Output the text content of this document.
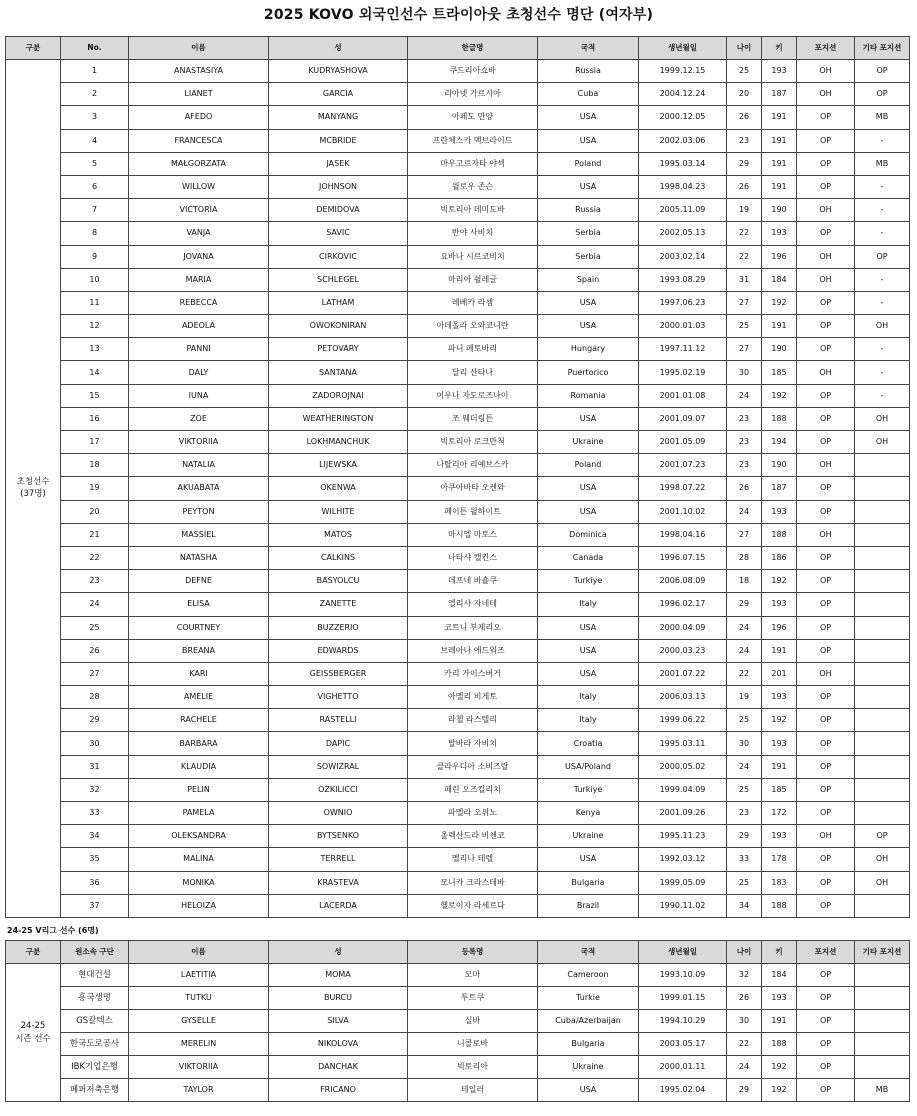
2025 KOVO 외국인선수 트라이아웃 초청선수 명단 (여자부)
구분	No.	이름	성	한글명	국적	생년월일	나이	키	포지션	기타 포지션
초청선수
(37명)	1	ANASTASIYA	KUDRYASHOVA	쿠드리아쇼바	Russia	1999.12.15	25	193	OH	OP
	2	LIANET	GARCIA	리아넷 가르시아	Cuba	2004.12.24	20	187	OH	OP
	3	AFEDO	MANYANG	아페도 만양	USA	2000.12.05	26	191	OP	MB
	4	FRANCESCA	MCBRIDE	프란체스카 맥브라이드	USA	2002.03.06	23	191	OP	-
	5	MAŁGORZATA	JASEK	마우고르자타 야섹	Poland	1995.03.14	29	191	OP	MB
	6	WILLOW	JOHNSON	윌로우 존슨	USA	1998.04.23	26	191	OP	-
	7	VICTORIA	DEMIDOVA	빅토리아 데미도바	Russia	2005.11.09	19	190	OH	-
	8	VANJA	SAVIC	반야 사비치	Serbia	2002.05.13	22	193	OP	-
	9	JOVANA	CIRKOVIC	요바나 시르코비치	Serbia	2003.02.14	22	196	OH	OP
	10	MARIA	SCHLEGEL	마리아 쉴레글	Spain	1993.08.29	31	184	OH	-
	11	REBECCA	LATHAM	레베카 라셈	USA	1997.06.23	27	192	OP	-
	12	ADEOLA	OWOKONIRAN	아데올라 오와코니란	USA	2000.01.03	25	191	OP	OH
	13	PANNI	PETOVARY	파니 페토바리	Hungary	1997.11.12	27	190	OP	-
	14	DALY	SANTANA	달리 산타나	Puertorico	1995.02.19	30	185	OH	-
	15	IUNA	ZADOROJNAI	이우나 자도로즈나이	Romania	2001.01.08	24	192	OP	-
	16	ZOE	WEATHERINGTON	조 웨더링튼	USA	2001.09.07	23	188	OP	OH
	17	VIKTORIIA	LOKHMANCHUK	빅토리아 로크만척	Ukraine	2001.05.09	23	194	OP	OH
	18	NATALIA	LIJEWSKA	나탈리아 리예브스카	Poland	2001.07.23	23	190	OH	
	19	AKUABATA	OKENWA	아쿠아바타 오켄와	USA	1998.07.22	26	187	OP	
	20	PEYTON	WILHITE	페이튼 윌하이트	USA	2001.10.02	24	193	OP	
	21	MASSIEL	MATOS	마시엘 마토스	Dominica	1998.04.16	27	188	OH	
	22	NATASHA	CALKINS	나타샤 캘킨스	Canada	1996.07.15	28	186	OP	
	23	DEFNE	BASYOLCU	데프네 바숄쿠	Turkiye	2006.08.09	18	192	OP	
	24	ELISA	ZANETTE	엘리사 자네테	Italy	1996.02.17	29	193	OP	
	25	COURTNEY	BUZZERIO	코트니 부제리오	USA	2000.04.09	24	196	OP	
	26	BREANA	EDWARDS	브레아나 에드워즈	USA	2000.03.23	24	191	OP	
	27	KARI	GEISSBERGER	카리 가이스버거	USA	2001.07.22	22	201	OH	
	28	AMELIE	VIGHETTO	아멜리 비게토	Italy	2006.03.13	19	193	OP	
	29	RACHELE	RASTELLI	라첼 라스텔리	Italy	1999.06.22	25	192	OP	
	30	BARBARA	DAPIC	발바라 자비치	Croatia	1995.03.11	30	193	OP	
	31	KLAUDIA	SOWIZRAL	클라우디아 소비즈랄	USA/Poland	2000.05.02	24	191	OP	
	32	PELIN	OZKILICCI	페린 오즈킬리치	Turkiye	1999.04.09	25	185	OP	
	33	PAMELA	OWNIO	파멜라 오위노	Kenya	2001.09.26	23	172	OP	
	34	OLEKSANDRA	BYTSENKO	올렉산드라 비첸코	Ukraine	1995.11.23	29	193	OH	OP
	35	MALINA	TERRELL	멜리나 테렐	USA	1992.03.12	33	178	OP	OH
	36	MONIKA	KRASTEVA	모니카 크라스테바	Bulgaria	1999.05.09	25	183	OP	OH
	37	HELOIZA	LACERDA	헬로이자 라세르다	Brazil	1990.11.02	34	188	OP	
24-25 V리그 선수 (6명)
구분	원소속 구단	이름	성	등록명	국적	생년월일	나이	키	포지션	기타 포지션
24-25
시즌 선수	현대건설	LAETITIA	MOMA	모마	Cameroon	1993.10.09	32	184	OP	
	흥국생명	TUTKU	BURCU	투트쿠	Turkie	1999.01.15	26	193	OP	
	GS칼텍스	GYSELLE	SILVA	실바	Cuba/Azerbaijan	1994.10.29	30	191	OP	
	한국도로공사	MERELIN	NIKOLOVA	니콜로바	Bulgaria	2003.05.17	22	188	OP	
	IBK기업은행	VIKTORIIA	DANCHAK	빅토리아	Ukraine	2000.01.11	24	192	OP	
	페퍼저축은행	TAYLOR	FRICANO	테일러	USA	1995.02.04	29	192	OP	MB
